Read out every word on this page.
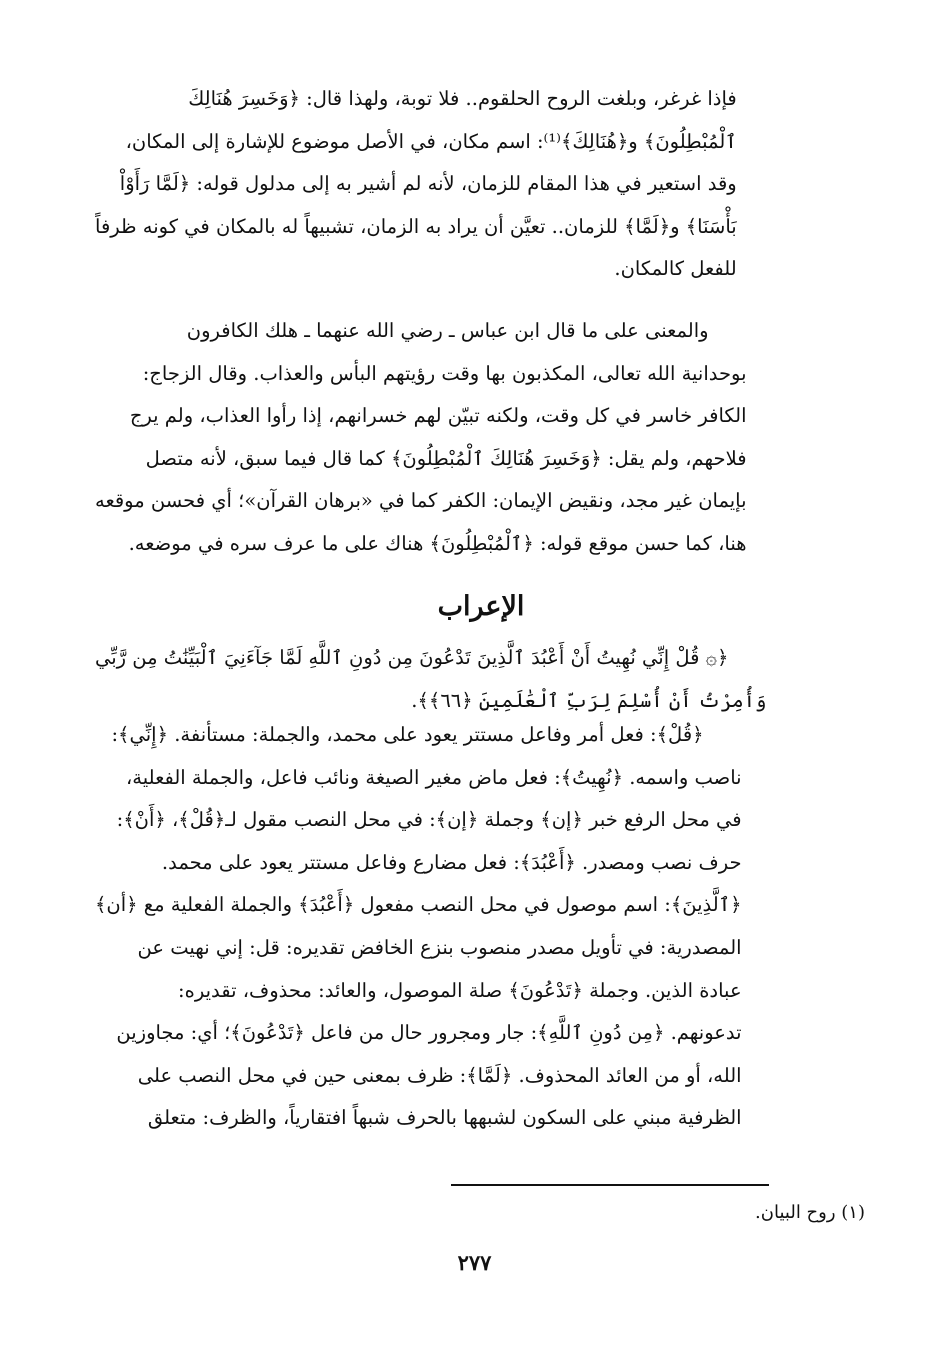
فإذا غرغر، وبلغت الروح الحلقوم.. فلا توبة، ولهذا قال: ﴿وَخَسِرَ هُنَالِكَ
ٱلْمُبْطِلُونَ﴾ و﴿هُنَالِكَ﴾⁽¹⁾: اسم مكان، في الأصل موضوع للإشارة إلى المكان،
وقد استعير في هذا المقام للزمان، لأنه لم أشير به إلى مدلول قوله: ﴿لَمَّا رَأَوْاْ
بَأْسَنَا﴾ و﴿لَمَّا﴾ للزمان.. تعيَّن أن يراد به الزمان، تشبيهاً له بالمكان في كونه ظرفاً
للفعل كالمكان.

والمعنى على ما قال ابن عباس ـ رضي الله عنهما ـ هلك الكافرون
بوحدانية الله تعالى، المكذبون بها وقت رؤيتهم البأس والعذاب. وقال الزجاج:
الكافر خاسر في كل وقت، ولكنه تبيّن لهم خسرانهم، إذا رأوا العذاب، ولم يرج
فلاحهم، ولم يقل: ﴿وَخَسِرَ هُنَالِكَ ٱلْمُبْطِلُونَ﴾ كما قال فيما سبق، لأنه متصل
بإيمان غير مجد، ونقيض الإيمان: الكفر كما في «برهان القرآن»؛ أي فحسن موقعه
هنا، كما حسن موقع قوله: ﴿ٱلْمُبْطِلُونَ﴾ هناك على ما عرف سره في موضعه.

الإعراب

﴿۞ قُلْ إِنِّي نُهِيتُ أَنْ أَعْبُدَ ٱلَّذِينَ تَدْعُونَ مِن دُونِ ٱللَّهِ لَمَّا جَآءَنِيَ ٱلْبَيِّنَٰتُ مِن رَّبِّي
وَأُمِرْتُ أَنْ أُسْلِمَ لِرَبِّ ٱلْعَٰلَمِينَ ﴿٦٦﴾﴾.

﴿قُلْ﴾: فعل أمر وفاعل مستتر يعود على محمد، والجملة: مستأنفة. ﴿إِنِّي﴾:
ناصب واسمه. ﴿نُهِيتُ﴾: فعل ماض مغير الصيغة ونائب فاعل، والجملة الفعلية،
في محل الرفع خبر ﴿إن﴾ وجملة ﴿إن﴾: في محل النصب مقول لـ﴿قُلْ﴾، ﴿أَنْ﴾:
حرف نصب ومصدر. ﴿أَعْبُدَ﴾: فعل مضارع وفاعل مستتر يعود على محمد.
﴿ٱلَّذِينَ﴾: اسم موصول في محل النصب مفعول ﴿أَعْبُدَ﴾ والجملة الفعلية مع ﴿أن﴾
المصدرية: في تأويل مصدر منصوب بنزع الخافض تقديره: قل: إني نهيت عن
عبادة الذين. وجملة ﴿تَدْعُونَ﴾ صلة الموصول، والعائد: محذوف، تقديره:
تدعونهم. ﴿مِن دُونِ ٱللَّهِ﴾: جار ومجرور حال من فاعل ﴿تَدْعُونَ﴾؛ أي: مجاوزين
الله، أو من العائد المحذوف. ﴿لَمَّا﴾: ظرف بمعنى حين في محل النصب على
الظرفية مبني على السكون لشبهها بالحرف شبهاً افتقارياً، والظرف: متعلق

(١) روح البيان.
٢٧٧
